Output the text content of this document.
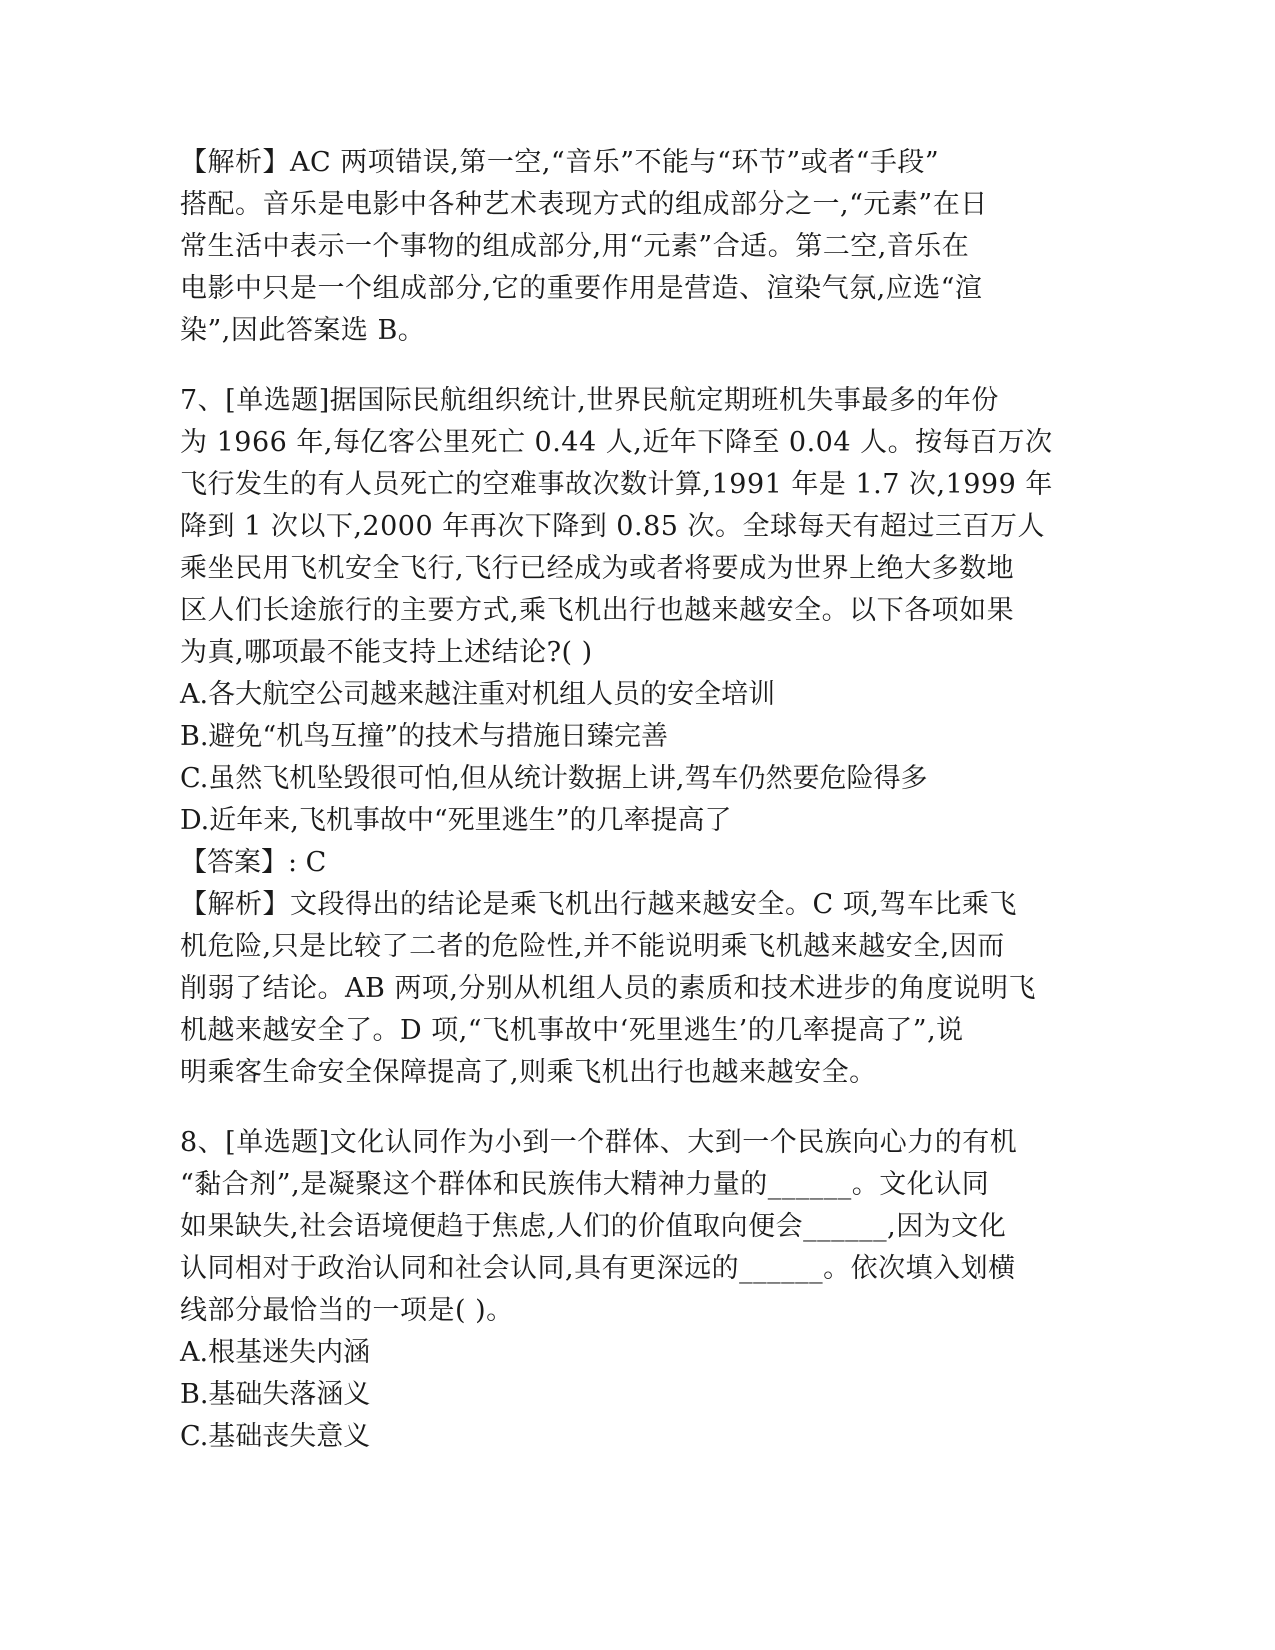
【解析】AC 两项错误,第一空,“音乐”不能与“环节”或者“手段”
搭配。音乐是电影中各种艺术表现方式的组成部分之一,“元素”在日
常生活中表示一个事物的组成部分,用“元素”合适。第二空,音乐在
电影中只是一个组成部分,它的重要作用是营造、渲染气氛,应选“渲
染”,因此答案选 B。
7、[单选题]据国际民航组织统计,世界民航定期班机失事最多的年份
为 1966 年,每亿客公里死亡 0.44 人,近年下降至 0.04 人。按每百万次
飞行发生的有人员死亡的空难事故次数计算,1991 年是 1.7 次,1999 年
降到 1 次以下,2000 年再次下降到 0.85 次。全球每天有超过三百万人
乘坐民用飞机安全飞行,飞行已经成为或者将要成为世界上绝大多数地
区人们长途旅行的主要方式,乘飞机出行也越来越安全。以下各项如果
为真,哪项最不能支持上述结论?( )
A.各大航空公司越来越注重对机组人员的安全培训
B.避免“机鸟互撞”的技术与措施日臻完善
C.虽然飞机坠毁很可怕,但从统计数据上讲,驾车仍然要危险得多
D.近年来,飞机事故中“死里逃生”的几率提高了
【答案】: C
【解析】文段得出的结论是乘飞机出行越来越安全。C 项,驾车比乘飞
机危险,只是比较了二者的危险性,并不能说明乘飞机越来越安全,因而
削弱了结论。AB 两项,分别从机组人员的素质和技术进步的角度说明飞
机越来越安全了。D 项,“飞机事故中‘死里逃生’的几率提高了”,说
明乘客生命安全保障提高了,则乘飞机出行也越来越安全。
8、[单选题]文化认同作为小到一个群体、大到一个民族向心力的有机
“黏合剂”,是凝聚这个群体和民族伟大精神力量的______。文化认同
如果缺失,社会语境便趋于焦虑,人们的价值取向便会______,因为文化
认同相对于政治认同和社会认同,具有更深远的______。依次填入划横
线部分最恰当的一项是( )。
A.根基迷失内涵
B.基础失落涵义
C.基础丧失意义
